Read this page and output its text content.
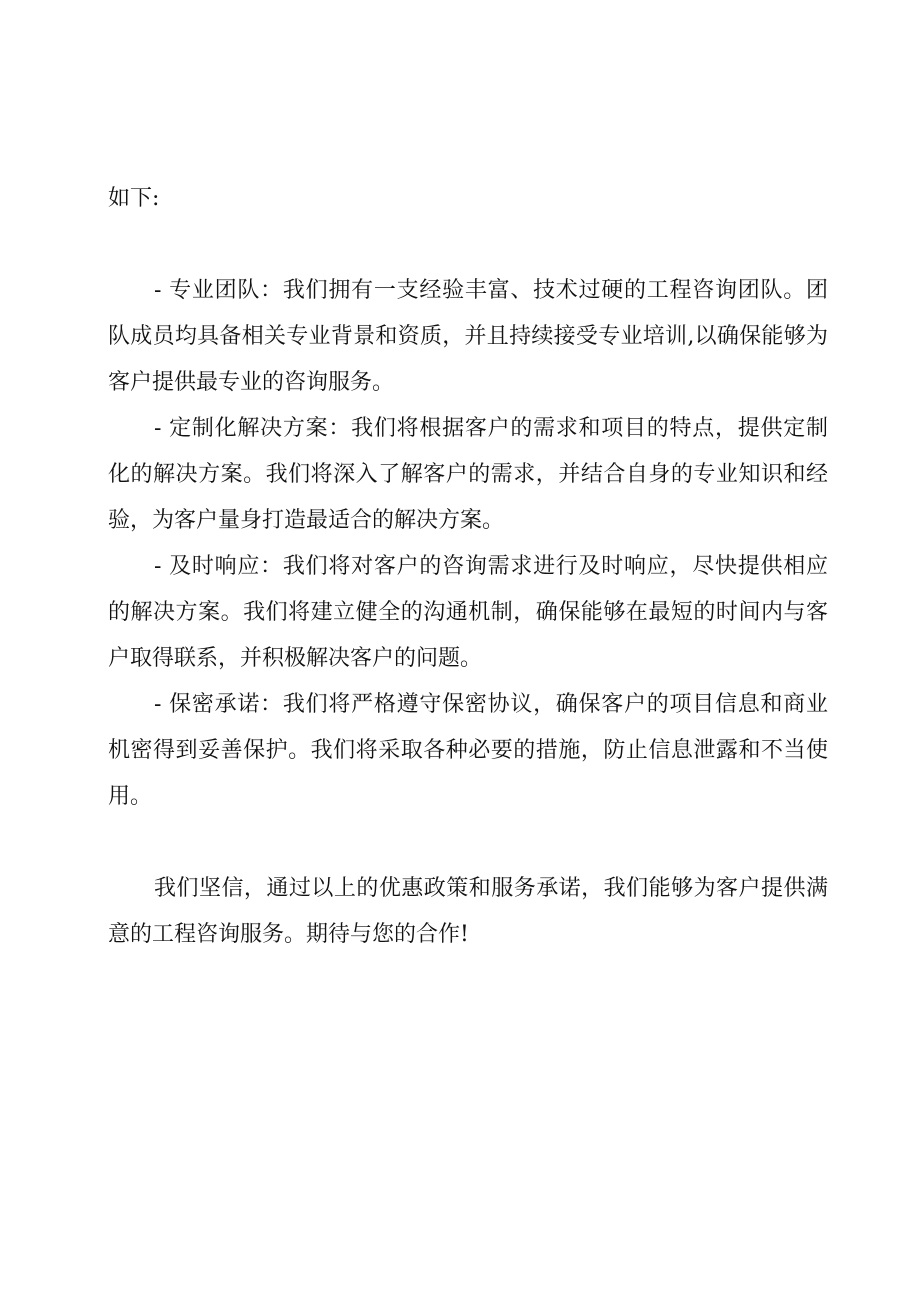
如下:

- 专业团队：我们拥有一支经验丰富、技术过硬的工程咨询团队。团队成员均具备相关专业背景和资质，并且持续接受专业培训,以确保能够为客户提供最专业的咨询服务。

- 定制化解决方案：我们将根据客户的需求和项目的特点，提供定制化的解决方案。我们将深入了解客户的需求，并结合自身的专业知识和经验，为客户量身打造最适合的解决方案。

- 及时响应：我们将对客户的咨询需求进行及时响应，尽快提供相应的解决方案。我们将建立健全的沟通机制，确保能够在最短的时间内与客户取得联系，并积极解决客户的问题。

- 保密承诺：我们将严格遵守保密协议，确保客户的项目信息和商业机密得到妥善保护。我们将采取各种必要的措施，防止信息泄露和不当使用。

我们坚信，通过以上的优惠政策和服务承诺，我们能够为客户提供满意的工程咨询服务。期待与您的合作!
